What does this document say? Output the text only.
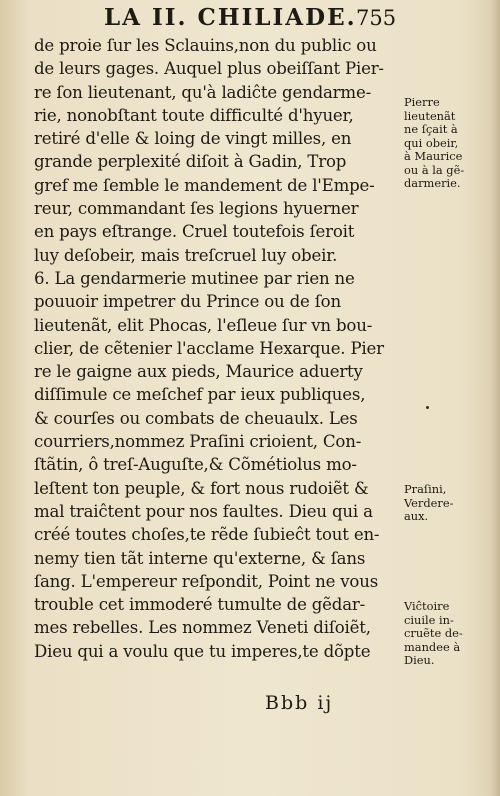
LA II. CHILIADE. 755
de proie ſur les Sclauins,non du public ou
de leurs gages. Auquel plus obeiſſant Pier-
re ſon lieutenant, qu'à ladiĉte gendarme-
rie, nonobſtant toute difficulté d'hyuer,
retiré d'elle & loing de vingt milles, en
grande perplexité diſoit à Gadin, Trop
gref me ſemble le mandement de l'Empe-
reur, commandant ſes legions hyuerner
en pays eſtrange. Cruel toutefois ſeroit
luy deſobeir, mais treſcruel luy obeir.
6. La gendarmerie mutinee par rien ne
pouuoir impetrer du Prince ou de ſon
lieutenãt, elit Phocas, l'eſleue ſur vn bou-
clier, de cẽtenier l'acclame Hexarque. Pier
re le gaigne aux pieds, Maurice aduerty
diſſimule ce meſchef par ieux publiques,
& courſes ou combats de cheuaulx. Les
courriers,nommez Praſini crioient, Con-
ſtãtin, ô treſ-Auguſte,& Cõmétiolus mo-
leſtent ton peuple, & fort nous rudoiẽt &
mal traiĉtent pour nos faultes. Dieu qui a
créé toutes choſes,te rẽde ſubieĉt tout en-
nemy tien tãt interne qu'externe, & ſans
ſang. L'empereur reſpondit, Point ne vous
trouble cet immoderé tumulte de gẽdar-
mes rebelles. Les nommez Veneti diſoiẽt,
Dieu qui a voulu que tu imperes,te dõpte
Pierre
lieutenãt
ne ſçait à
qui obeir,
à Maurice
ou à la gẽ-
darmerie.
Praſini,
Verdere-
aux.
Viĉtoire
ciuile in-
cruẽte de-
mandee à
Dieu.
Bbb ij
